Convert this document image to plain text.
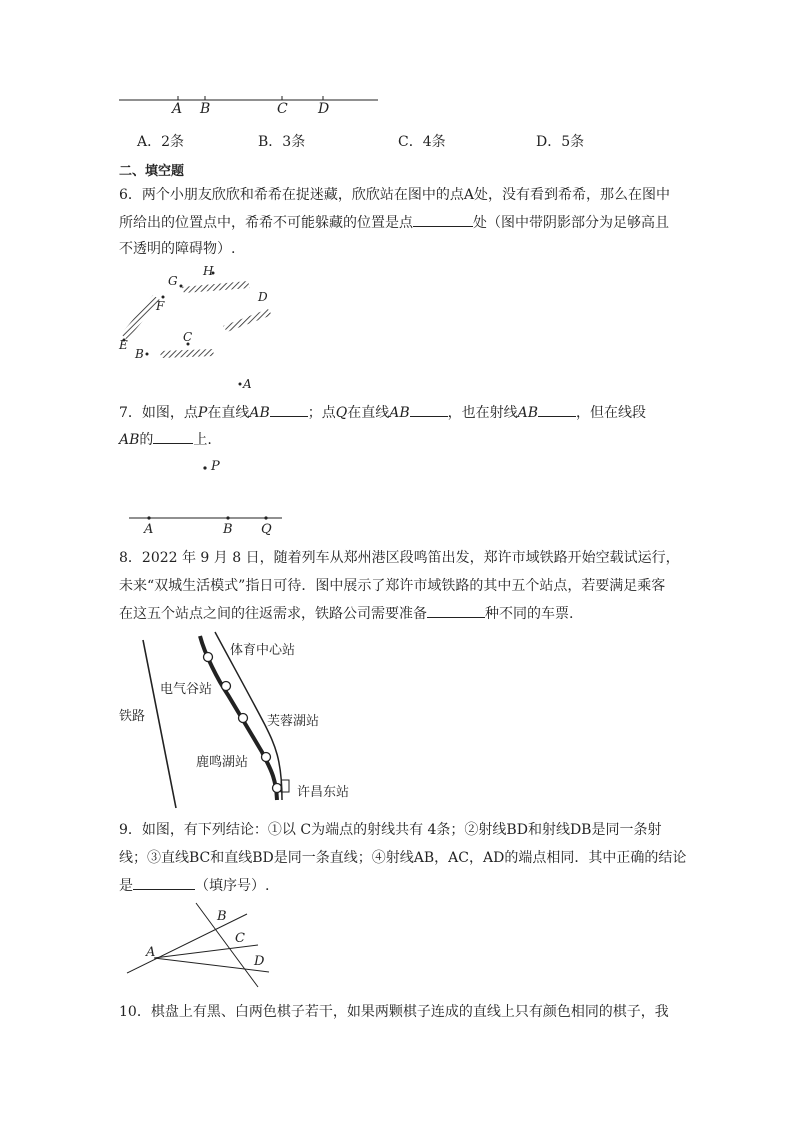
A B	C D
A．2条	B．3条	C．4条	D．5条
二、填空题
6．两个小朋友欣欣和希希在捉迷藏，欣欣站在图中的点A处，没有看到希希，那么在图中
所给出的位置点中，希希不可能躲藏的位置是点	处（图中带阴影部分为足够高且
不透明的障碍物）.
H
G
D
F
C
E
B
A
7．如图，点P在直线AB	；点Q在直线AB	，也在射线AB	，但在线段
AB的	上.
P
A	B Q
8．2022 年 9 月 8 日，随着列车从郑州港区段鸣笛出发，郑许市域铁路开始空载试运行，
未来“双城生活模式”指日可待．图中展示了郑许市域铁路的其中五个站点，若要满足乘客
在这五个站点之间的往返需求，铁路公司需要准备	种不同的车票.
体育中心站
电气谷站
芙蓉湖站
鹿鸣湖站
许昌东站
铁路
9．如图，有下列结论：①以 C为端点的射线共有 4条；②射线BD和射线DB是同一条射
线；③直线BC和直线BD是同一条直线；④射线AB，AC，AD的端点相同．其中正确的结论
是	（填序号）.
B
C
A
D
10．棋盘上有黑、白两色棋子若干，如果两颗棋子连成的直线上只有颜色相同的棋子，我
